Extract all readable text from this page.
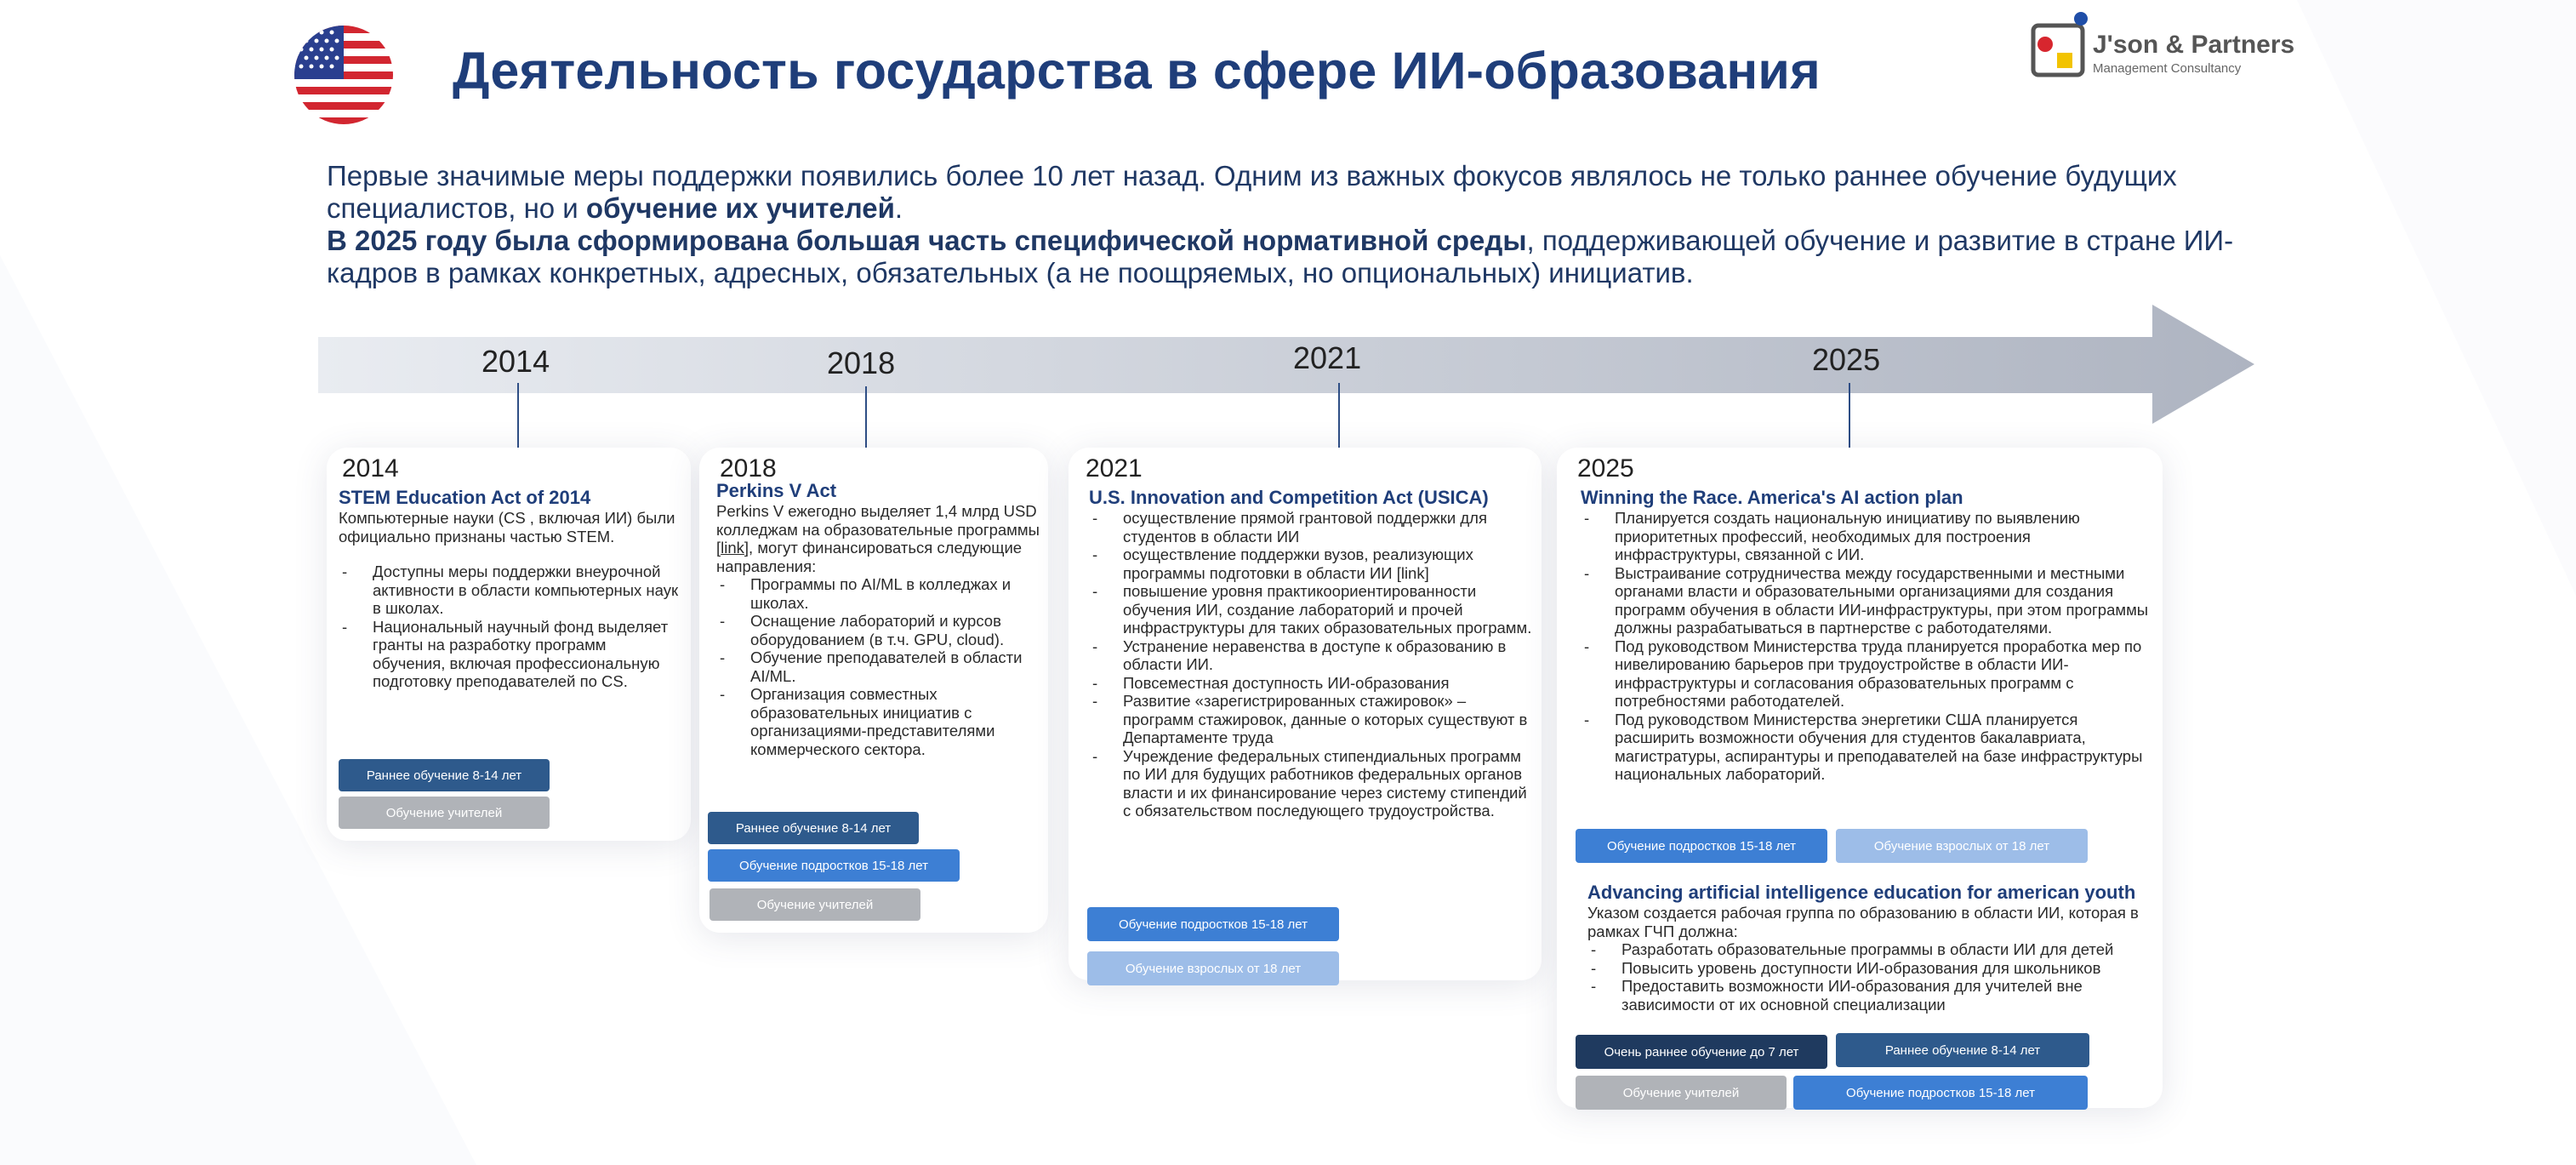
Деятельность государства в сфере ИИ-образования	J'son & Partners
Management Consultancy

Первые значимые меры поддержки появились более 10 лет назад. Одним из важных фокусов являлось не только раннее обучение будущих специалистов, но и обучение их учителей.

В 2025 году была сформирована большая часть специфической нормативной среды, поддерживающей обучение и развитие в стране ИИ-кадров в рамках конкретных, адресных, обязательных (а не поощряемых, но опциональных) инициатив.

2014	2018	2021	2025
2014
STEM Education Act of 2014

Компьютерные науки (CS , включая ИИ) были официально признаны частью STEM.

- Доступны меры поддержки внеурочной активности в области компьютерных наук в школах.
- Национальный научный фонд выделяет гранты на разработку программ обучения, включая профессиональную подготовку преподавателей по CS.
Раннее обучение 8-14 лет
Обучение учителей
2018
Perkins V Act

Perkins V ежегодно выделяет 1,4 млрд USD колледжам на образовательные программы [link], могут финансироваться следующие направления:

- Программы по AI/ML в колледжах и школах.
- Оснащение лабораторий и курсов оборудованием (в т.ч. GPU, cloud).
- Обучение преподавателей в области AI/ML.
- Организация совместных образовательных инициатив с организациями-представителями коммерческого сектора.
Раннее обучение 8-14 лет
Обучение подростков 15-18 лет
Обучение учителей
2021
U.S. Innovation and Competition Act (USICA)
- осуществление прямой грантовой поддержки для студентов в области ИИ
- осуществление поддержки вузов, реализующих программы подготовки в области ИИ [link]
- повышение уровня практикоориентированности обучения ИИ, создание лабораторий и прочей инфраструктуры для таких образовательных программ.
- Устранение неравенства в доступе к образованию в области ИИ.
- Повсеместная доступность ИИ-образования
- Развитие «зарегистрированных стажировок» – программ стажировок, данные о которых существуют в Департаменте труда
- Учреждение федеральных стипендиальных программ по ИИ для будущих работников федеральных органов власти и их финансирование через систему стипендий с обязательством последующего трудоустройства.
Обучение подростков 15-18 лет
Обучение взрослых от 18 лет
2025
Winning the Race. America's AI action plan
- Планируется создать национальную инициативу по выявлению приоритетных профессий, необходимых для построения инфраструктуры, связанной с ИИ.
- Выстраивание сотрудничества между государственными и местными органами власти и образовательными организациями для создания программ обучения в области ИИ-инфраструктуры, при этом программы должны разрабатываться в партнерстве с работодателями.
- Под руководством Министерства труда планируется проработка мер по нивелированию барьеров при трудоустройстве в области ИИ-инфраструктуры и согласования образовательных программ с потребностями работодателей.
- Под руководством Министерства энергетики США планируется расширить возможности обучения для студентов бакалавриата, магистратуры, аспирантуры и преподавателей на базе инфраструктуры национальных лабораторий.
Обучение подростков 15-18 лет	Обучение взрослых от 18 лет
Advancing artificial intelligence education for american youth

Указом создается рабочая группа по образованию в области ИИ, которая в рамках ГЧП должна:

- Разработать образовательные программы в области ИИ для детей
- Повысить уровень доступности ИИ-образования для школьников
- Предоставить возможности ИИ-образования для учителей вне зависимости от их основной специализации
Очень раннее обучение до 7 лет	Раннее обучение 8-14 лет
Обучение учителей	Обучение подростков 15-18 лет
